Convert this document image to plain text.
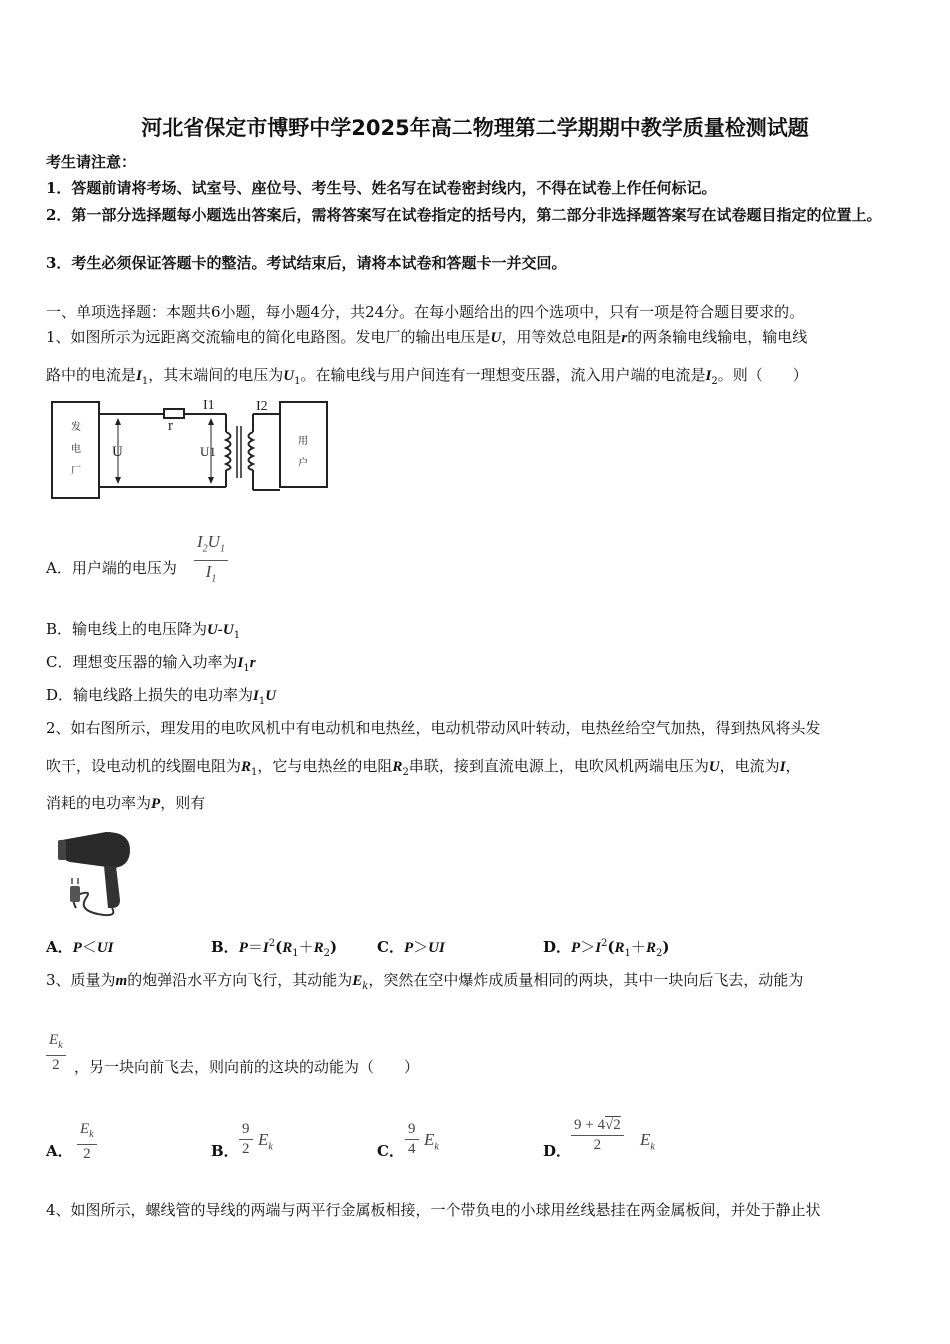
河北省保定市博野中学2025年高二物理第二学期期中教学质量检测试题
考生请注意：
1．答题前请将考场、试室号、座位号、考生号、姓名写在试卷密封线内，不得在试卷上作任何标记。
2．第一部分选择题每小题选出答案后，需将答案写在试卷指定的括号内，第二部分非选择题答案写在试卷题目指定的位置上。
3．考生必须保证答题卡的整洁。考试结束后，请将本试卷和答题卡一并交回。
一、单项选择题：本题共6小题，每小题4分，共24分。在每小题给出的四个选项中，只有一项是符合题目要求的。
1、如图所示为远距离交流输电的简化电路图。发电厂的输出电压是U，用等效总电阻是r的两条输电线输电，输电线
路中的电流是$I_1$，其末端间的电压为$U_1$。在输电线与用户间连有一理想变压器，流入用户端的电流是$I_2$。则（　　）
发
电
厂
用
户
U	U1
r
I1	I2
A．用户端的电压为 $\frac{I_2U_1}{I_1}$
B．输电线上的电压降为$U-U_1$
C．理想变压器的输入功率为$I_1r$
D．输电线路上损失的电功率为$I_1U$
2、如右图所示，理发用的电吹风机中有电动机和电热丝，电动机带动风叶转动，电热丝给空气加热，得到热风将头发
吹干，设电动机的线圈电阻为$R_1$，它与电热丝的电阻$R_2$串联，接到直流电源上，电吹风机两端电压为U，电流为I，
消耗的电功率为P，则有
A．P＜UI	B．$P=I^2(R_1+R_2)$	C．P＞UI	D．$P>I^2(R_1+R_2)$
3、质量为m的炮弹沿水平方向飞行，其动能为$E_k$，突然在空中爆炸成质量相同的两块，其中一块向后飞去，动能为
$\frac{E_k}{2}$ ，另一块向前飞去，则向前的这块的动能为（　　）
A． $\frac{E_k}{2}$	B． $\frac{9}{2} E_k$	C． $\frac{9}{4} E_k$	D． $\frac{9 + 4√2}{2} E_k$
4、如图所示，螺线管的导线的两端与两平行金属板相接，一个带负电的小球用丝线悬挂在两金属板间，并处于静止状
